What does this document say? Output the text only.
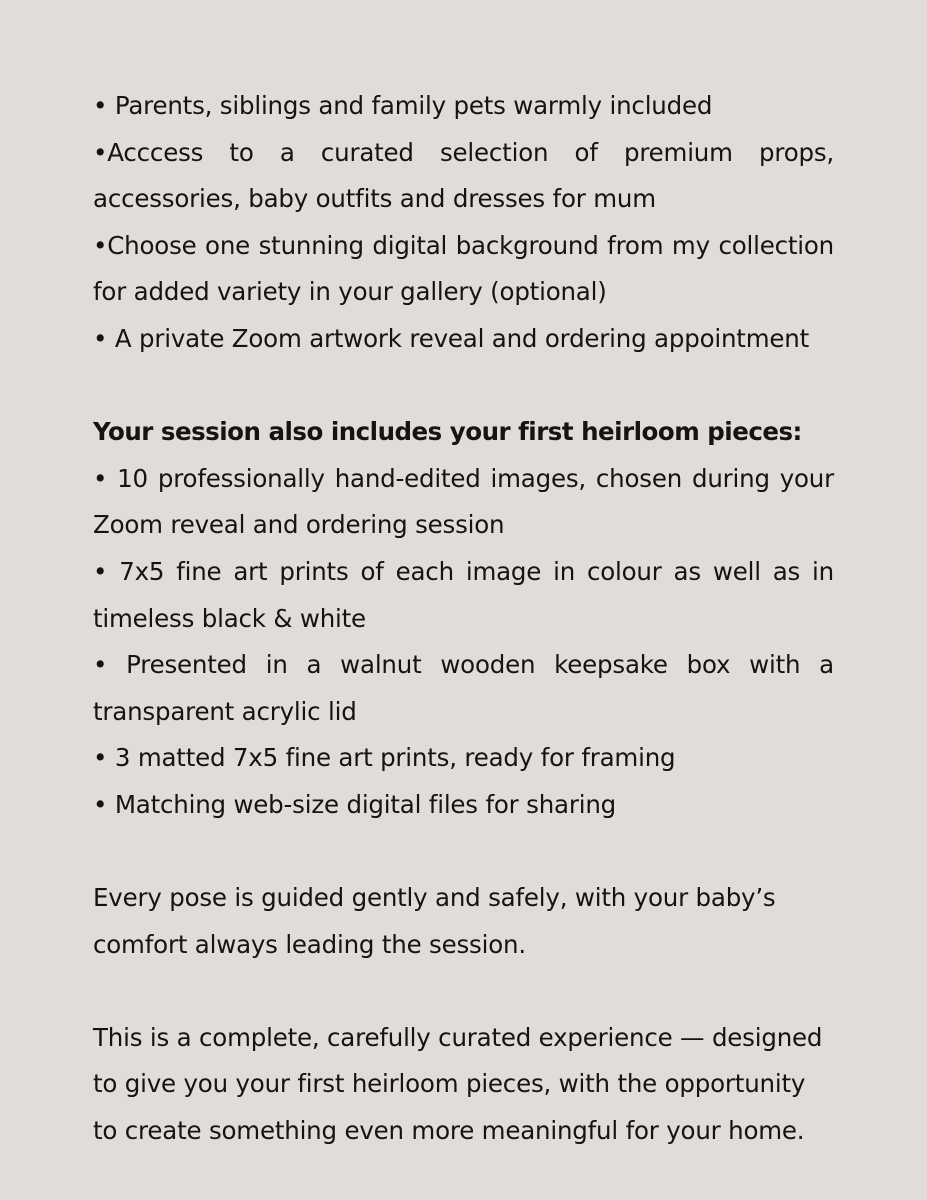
• Parents, siblings and family pets warmly included

•Acccess to a curated selection of premium props, accessories, baby outfits and dresses for mum

•Choose one stunning digital background from my collection for added variety in your gallery (optional)

• A private Zoom artwork reveal and ordering appointment

Your session also includes your first heirloom pieces:

• 10 professionally hand-edited images, chosen during your Zoom reveal and ordering session

• 7x5 fine art prints of each image in colour as well as in timeless black & white

• Presented in a walnut wooden keepsake box with a transparent acrylic lid

• 3 matted 7x5 fine art prints, ready for framing

• Matching web-size digital files for sharing

Every pose is guided gently and safely, with your baby’s comfort always leading the session.

This is a complete, carefully curated experience — designed to give you your first heirloom pieces, with the opportunity to create something even more meaningful for your home.
